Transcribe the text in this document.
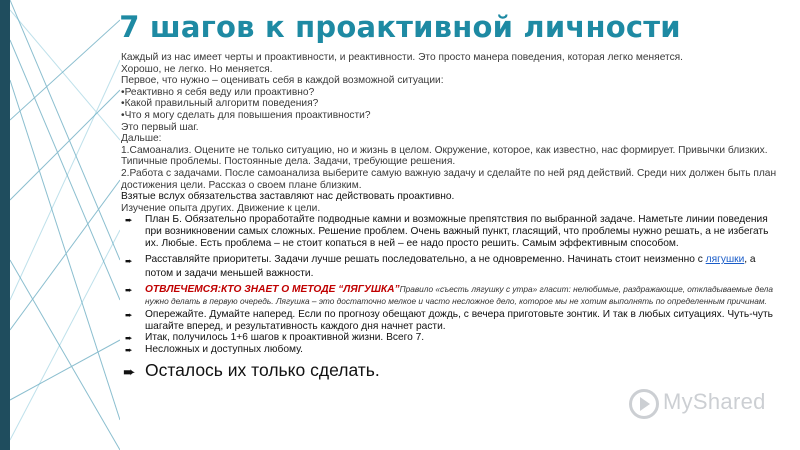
7 шагов к проактивной личности

Каждый из нас имеет черты и проактивности, и реактивности. Это просто манера поведения, которая легко меняется.

Хорошо, не легко. Но меняется.

Первое, что нужно – оценивать себя в каждой возможной ситуации:

•Реактивно я себя веду или проактивно?

•Какой правильный алгоритм поведения?

•Что я могу сделать для повышения проактивности?

Это первый шаг.

Дальше:

1.Самоанализ. Оцените не только ситуацию, но и жизнь в целом. Окружение, которое, как известно, нас формирует. Привычки близких. Типичные проблемы. Постоянные дела. Задачи, требующие решения.

2.Работа с задачами. После самоанализа выберите самую важную задачу и сделайте по ней ряд действий. Среди них должен быть план достижения цели. Рассказ о своем плане близким.

Взятые вслух обязательства заставляют нас действовать проактивно.

Изучение опыта других. Движение к цели.

➨ План Б. Обязательно проработайте подводные камни и возможные препятствия по выбранной задаче. Наметьте линии поведения при возникновении самых сложных. Решение проблем. Очень важный пункт, гласящий, что проблемы нужно решать, а не избегать их. Любые. Есть проблема – не стоит копаться в ней – ее надо просто решить. Самым эффективным способом.
➨ Расставляйте приоритеты. Задачи лучше решать последовательно, а не одновременно. Начинать стоит неизменно с лягушки, а потом и задачи меньшей важности.
➨ ОТВЛЕЧЕМСЯ:КТО ЗНАЕТ О МЕТОДЕ “ЛЯГУШКА”Правило «съесть лягушку с утра» гласит: нелюбимые, раздражающие, откладываемые дела нужно делать в первую очередь. Лягушка – это достаточно мелкое и часто несложное дело, которое мы не хотим выполнять по определенным причинам.
➨ Опережайте. Думайте наперед. Если по прогнозу обещают дождь, с вечера приготовьте зонтик. И так в любых ситуациях. Чуть-чуть шагайте вперед, и результативность каждого дня начнет расти.
➨ Итак, получилось 1+6 шагов к проактивной жизни. Всего 7.
➨ Несложных и доступных любому.
➨ Осталось их только сделать.
MyShared
